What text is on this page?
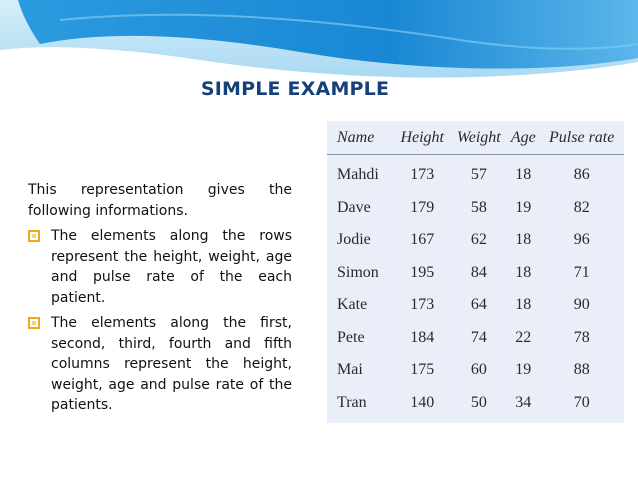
SIMPLE EXAMPLE

This representation gives the following informations.

The elements along the rows represent the height, weight, age and pulse rate of the each patient.
The elements along the first, second, third, fourth and fifth columns represent the height, weight, age and pulse rate of the patients.
Name	Height	Weight	Age	Pulse rate
Mahdi	173	57	18	86
Dave	179	58	19	82
Jodie	167	62	18	96
Simon	195	84	18	71
Kate	173	64	18	90
Pete	184	74	22	78
Mai	175	60	19	88
Tran	140	50	34	70
